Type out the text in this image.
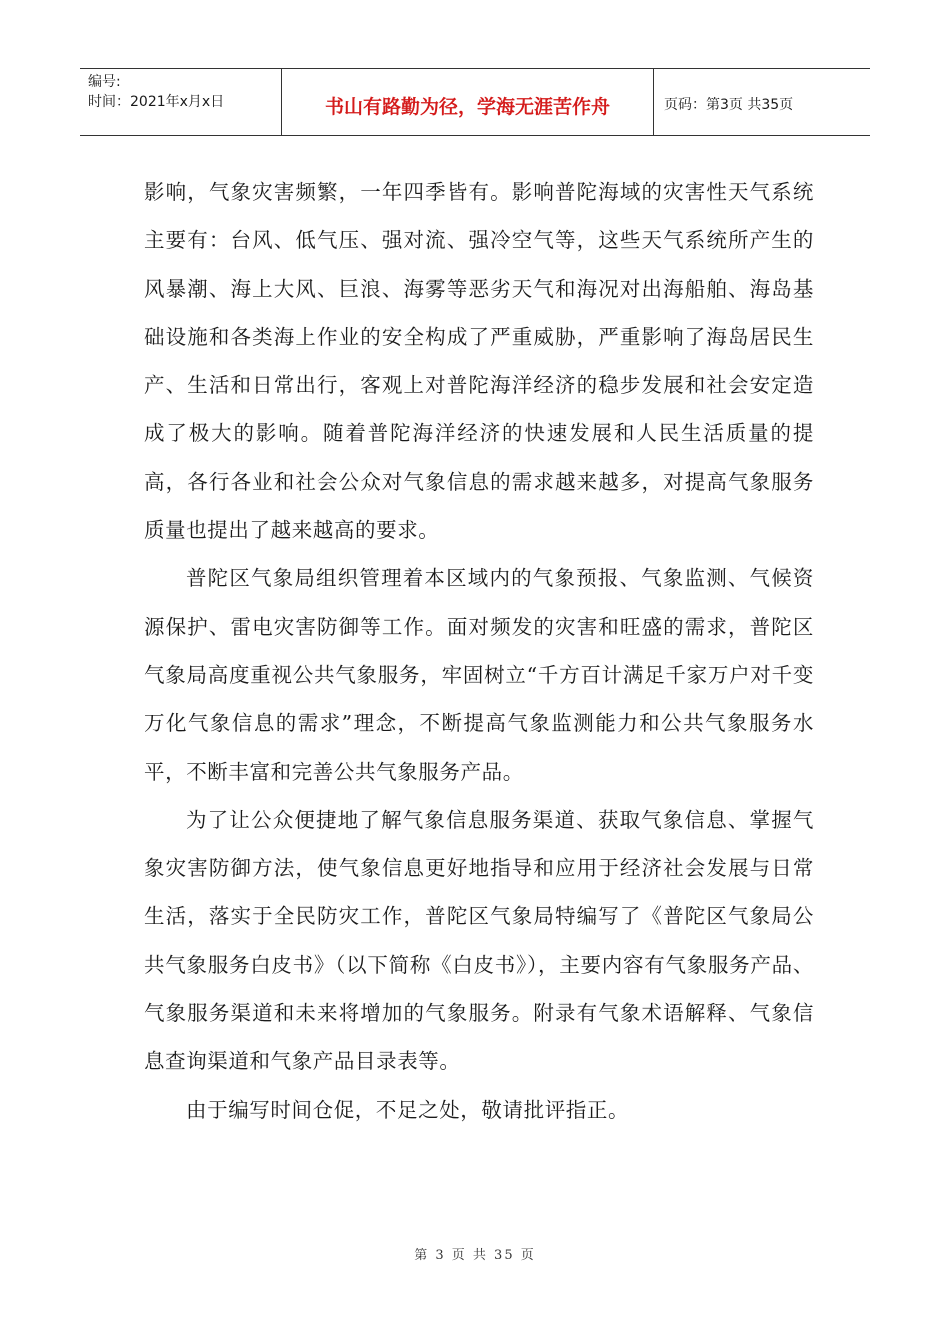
编号:
时间：2021年x月x日	书山有路勤为径，学海无涯苦作舟	页码：第3页 共35页

影响，气象灾害频繁，一年四季皆有。影响普陀海域的灾害性天气系统主要有：台风、低气压、强对流、强冷空气等，这些天气系统所产生的风暴潮、海上大风、巨浪、海雾等恶劣天气和海况对出海船舶、海岛基础设施和各类海上作业的安全构成了严重威胁，严重影响了海岛居民生产、生活和日常出行，客观上对普陀海洋经济的稳步发展和社会安定造成了极大的影响。随着普陀海洋经济的快速发展和人民生活质量的提高，各行各业和社会公众对气象信息的需求越来越多，对提高气象服务质量也提出了越来越高的要求。

普陀区气象局组织管理着本区域内的气象预报、气象监测、气候资源保护、雷电灾害防御等工作。面对频发的灾害和旺盛的需求，普陀区气象局高度重视公共气象服务，牢固树立“千方百计满足千家万户对千变万化气象信息的需求”理念，不断提高气象监测能力和公共气象服务水平，不断丰富和完善公共气象服务产品。

为了让公众便捷地了解气象信息服务渠道、获取气象信息、掌握气象灾害防御方法，使气象信息更好地指导和应用于经济社会发展与日常生活，落实于全民防灾工作，普陀区气象局特编写了《普陀区气象局公共气象服务白皮书》（以下简称《白皮书》），主要内容有气象服务产品、气象服务渠道和未来将增加的气象服务。附录有气象术语解释、气象信息查询渠道和气象产品目录表等。

由于编写时间仓促，不足之处，敬请批评指正。

第 3 页 共 35 页
